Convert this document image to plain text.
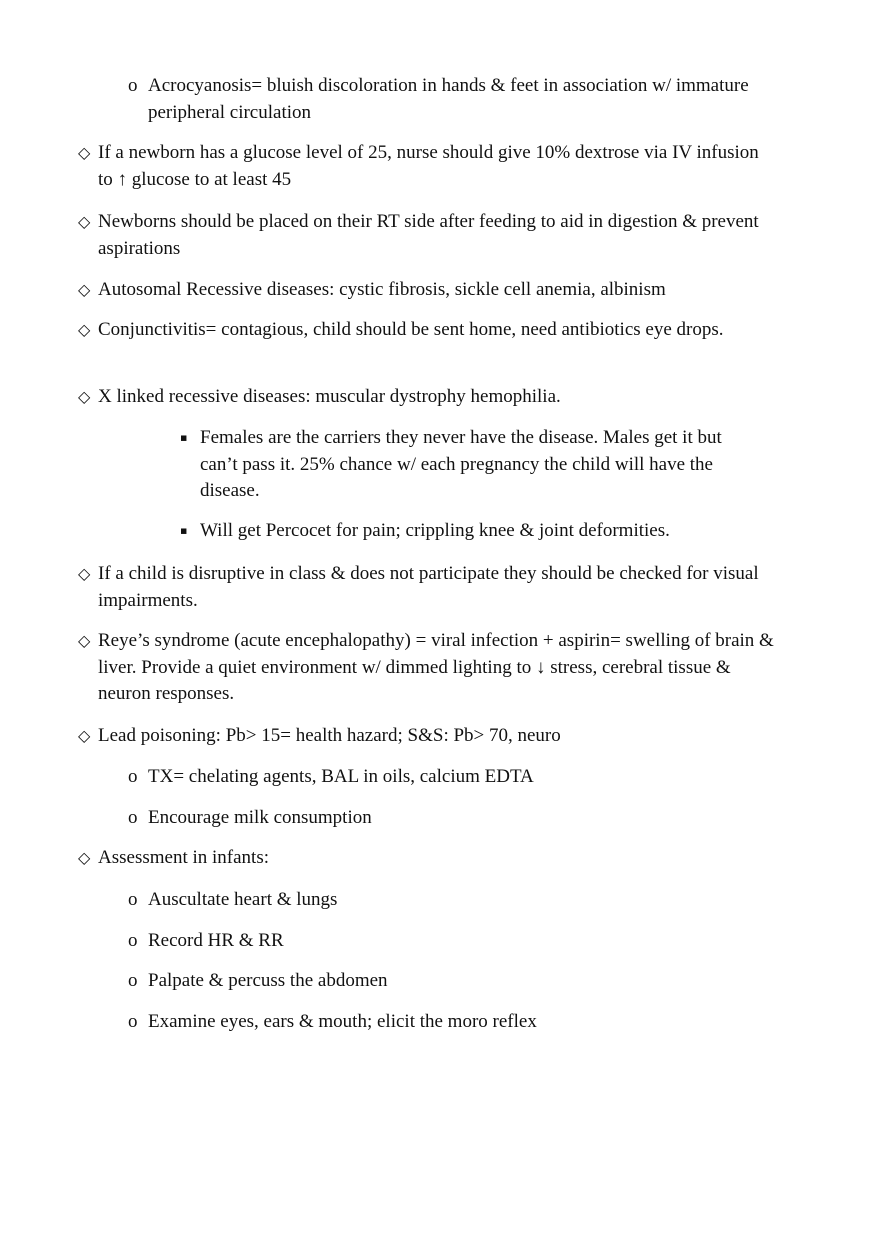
o Acrocyanosis= bluish discoloration in hands & feet in association w/ immature peripheral circulation
◇ If a newborn has a glucose level of 25, nurse should give 10% dextrose via IV infusion to ↑ glucose to at least 45
◇ Newborns should be placed on their RT side after feeding to aid in digestion & prevent aspirations
◇ Autosomal Recessive diseases: cystic fibrosis, sickle cell anemia, albinism
◇ Conjunctivitis= contagious, child should be sent home, need antibiotics eye drops.
◇ X linked recessive diseases: muscular dystrophy hemophilia.
▪ Females are the carriers they never have the disease. Males get it but can’t pass it. 25% chance w/ each pregnancy the child will have the disease.
▪ Will get Percocet for pain; crippling knee & joint deformities.
◇ If a child is disruptive in class & does not participate they should be checked for visual impairments.
◇ Reye’s syndrome (acute encephalopathy) = viral infection + aspirin= swelling of brain & liver. Provide a quiet environment w/ dimmed lighting to ↓ stress, cerebral tissue & neuron responses.
◇ Lead poisoning: Pb> 15= health hazard; S&S: Pb> 70, neuro
o TX= chelating agents, BAL in oils, calcium EDTA
o Encourage milk consumption
◇ Assessment in infants:
o Auscultate heart & lungs
o Record HR & RR
o Palpate & percuss the abdomen
o Examine eyes, ears & mouth; elicit the moro reflex
